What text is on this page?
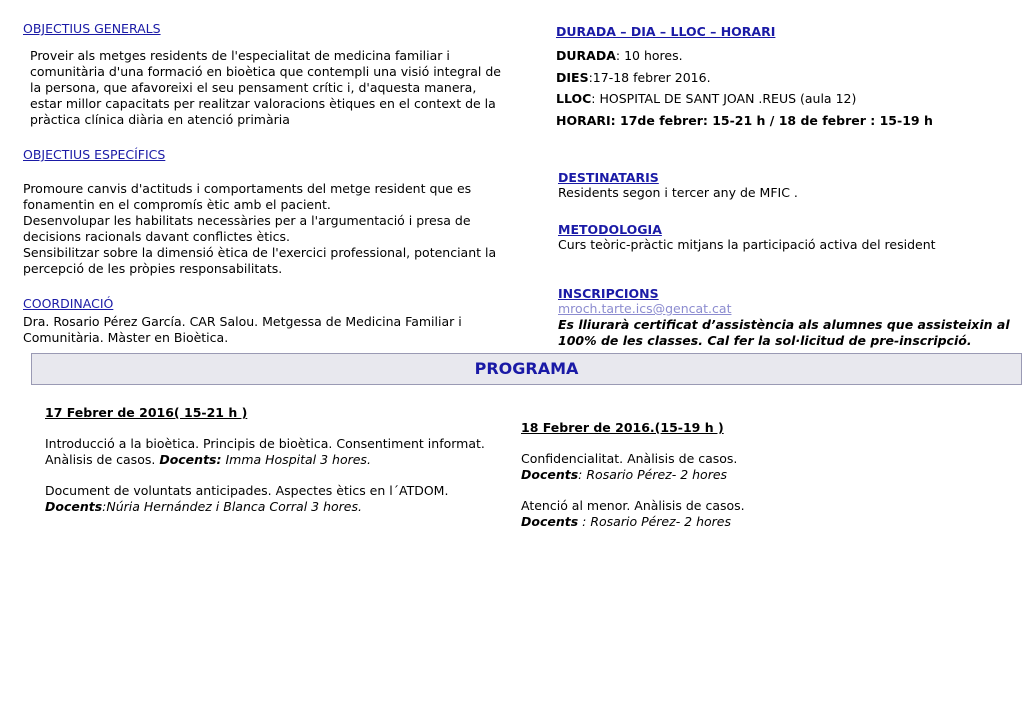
OBJECTIUS GENERALS
Proveir als metges residents de l'especialitat de medicina familiar i
comunitària d'una formació en bioètica que contempli una visió integral de
la persona, que afavoreixi el seu pensament crític i, d'aquesta manera,
estar millor capacitats per realitzar valoracions ètiques en el context de la
pràctica clínica diària en atenció primària
OBJECTIUS ESPECÍFICS
Promoure canvis d'actituds i comportaments del metge resident que es
fonamentin en el compromís ètic amb el pacient.
Desenvolupar les habilitats necessàries per a l'argumentació i presa de
decisions racionals davant conflictes ètics.
Sensibilitzar sobre la dimensió ètica de l'exercici professional, potenciant la
percepció de les pròpies responsabilitats.
COORDINACIÓ
Dra. Rosario Pérez García. CAR Salou. Metgessa de Medicina Familiar i
Comunitària. Màster en Bioètica.
DURADA – DIA – LLOC – HORARI
DURADA: 10 hores.
DIES:17-18 febrer 2016.
LLOC: HOSPITAL DE SANT JOAN .REUS (aula 12)
HORARI: 17de febrer: 15-21 h / 18 de febrer : 15-19 h
DESTINATARIS
Residents segon i tercer any de MFIC .
METODOLOGIA
Curs teòric-pràctic mitjans la participació activa del resident
INSCRIPCIONS
mroch.tarte.ics@gencat.cat
Es lliurarà certificat d’assistència als alumnes que assisteixin al
100% de les classes. Cal fer la sol·licitud de pre-inscripció.
PROGRAMA
17 Febrer de 2016( 15-21 h )
Introducció a la bioètica. Principis de bioètica. Consentiment informat.
Anàlisis de casos. Docents: Imma Hospital 3 hores.
Document de voluntats anticipades. Aspectes ètics en l´ATDOM.
Docents:Núria Hernández i Blanca Corral 3 hores.
18 Febrer de 2016.(15-19 h )
Confidencialitat. Anàlisis de casos.
Docents: Rosario Pérez- 2 hores
Atenció al menor. Anàlisis de casos.
Docents : Rosario Pérez- 2 hores
